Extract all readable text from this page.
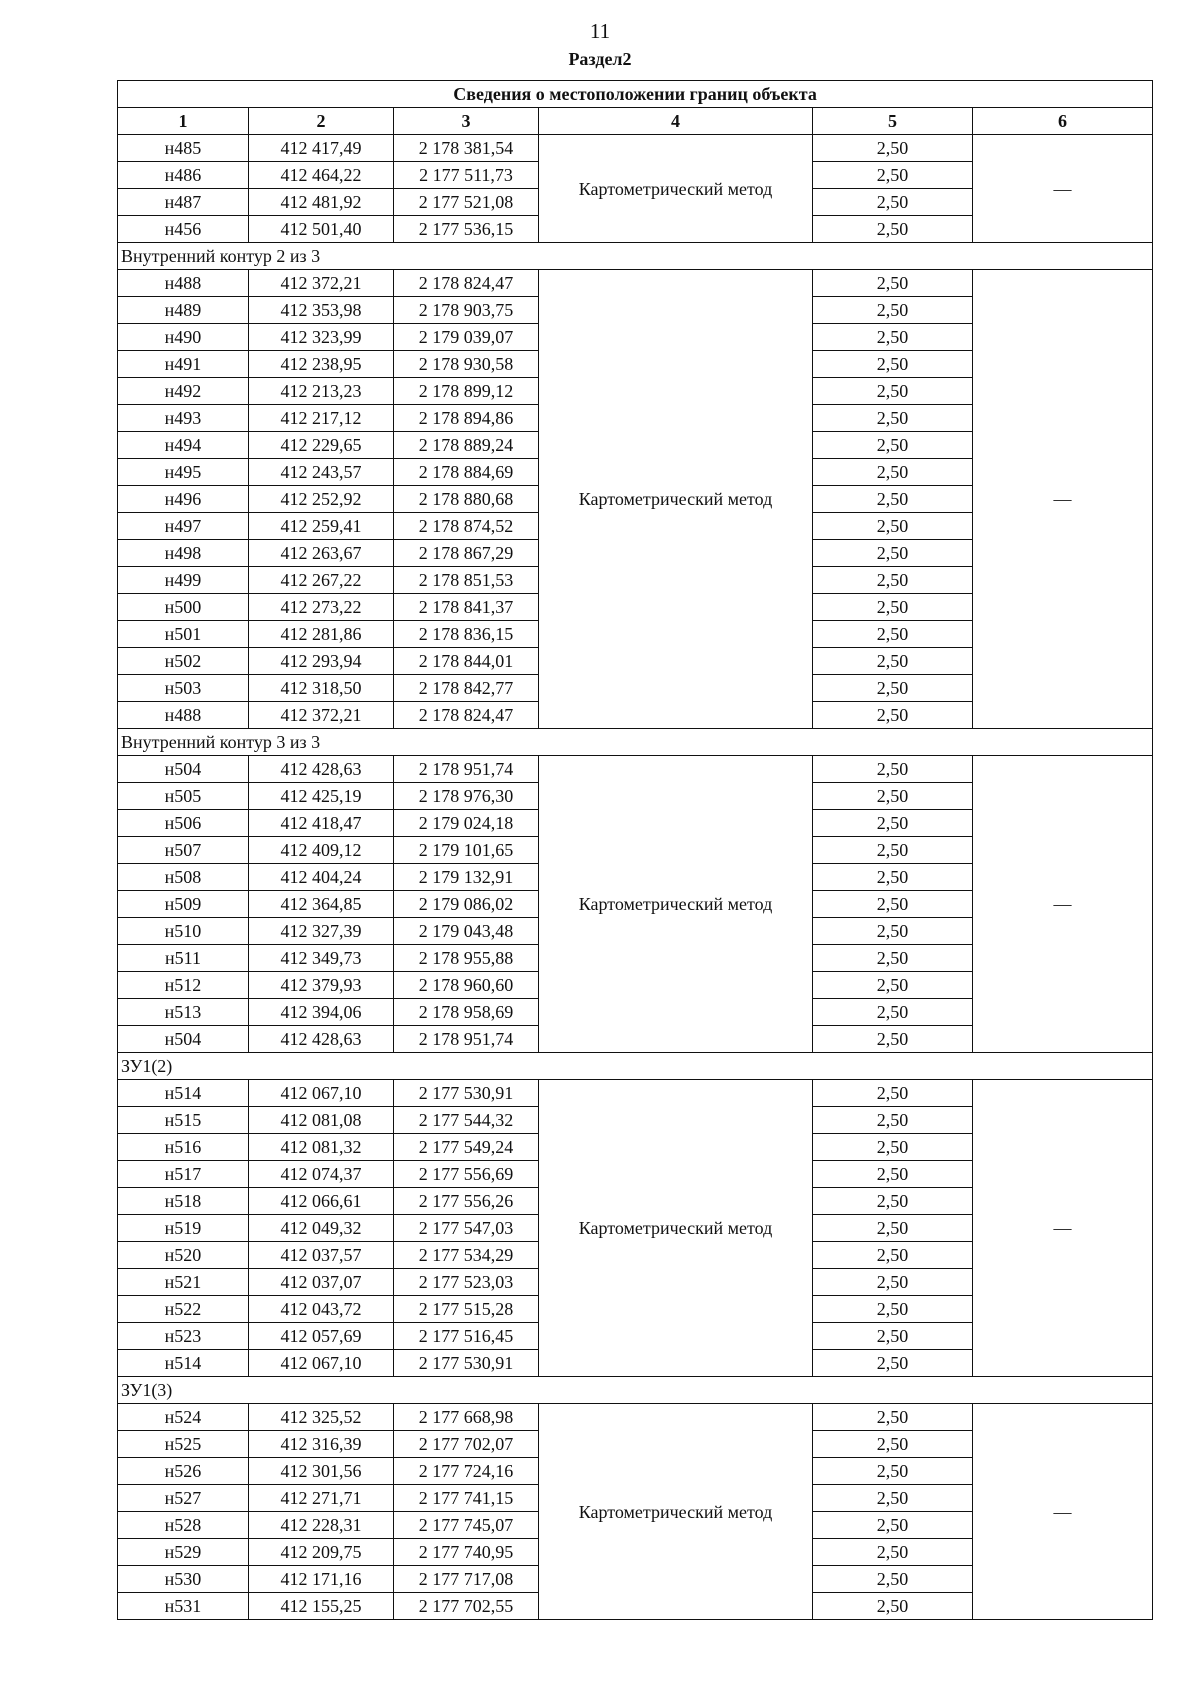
11
Раздел2
Сведения о местоположении границ объекта					
1	2	3	4	5	6
н485	412 417,49	2 178 381,54	Картометрический метод	2,50	—
н486	412 464,22	2 177 511,73		2,50	
н487	412 481,92	2 177 521,08		2,50	
н456	412 501,40	2 177 536,15		2,50	
Внутренний контур 2 из 3					
н488	412 372,21	2 178 824,47	Картометрический метод	2,50	—
н489	412 353,98	2 178 903,75		2,50	
н490	412 323,99	2 179 039,07		2,50	
н491	412 238,95	2 178 930,58		2,50	
н492	412 213,23	2 178 899,12		2,50	
н493	412 217,12	2 178 894,86		2,50	
н494	412 229,65	2 178 889,24		2,50	
н495	412 243,57	2 178 884,69		2,50	
н496	412 252,92	2 178 880,68		2,50	
н497	412 259,41	2 178 874,52		2,50	
н498	412 263,67	2 178 867,29		2,50	
н499	412 267,22	2 178 851,53		2,50	
н500	412 273,22	2 178 841,37		2,50	
н501	412 281,86	2 178 836,15		2,50	
н502	412 293,94	2 178 844,01		2,50	
н503	412 318,50	2 178 842,77		2,50	
н488	412 372,21	2 178 824,47		2,50	
Внутренний контур 3 из 3					
н504	412 428,63	2 178 951,74	Картометрический метод	2,50	—
н505	412 425,19	2 178 976,30		2,50	
н506	412 418,47	2 179 024,18		2,50	
н507	412 409,12	2 179 101,65		2,50	
н508	412 404,24	2 179 132,91		2,50	
н509	412 364,85	2 179 086,02		2,50	
н510	412 327,39	2 179 043,48		2,50	
н511	412 349,73	2 178 955,88		2,50	
н512	412 379,93	2 178 960,60		2,50	
н513	412 394,06	2 178 958,69		2,50	
н504	412 428,63	2 178 951,74		2,50	
ЗУ1(2)					
н514	412 067,10	2 177 530,91	Картометрический метод	2,50	—
н515	412 081,08	2 177 544,32		2,50	
н516	412 081,32	2 177 549,24		2,50	
н517	412 074,37	2 177 556,69		2,50	
н518	412 066,61	2 177 556,26		2,50	
н519	412 049,32	2 177 547,03		2,50	
н520	412 037,57	2 177 534,29		2,50	
н521	412 037,07	2 177 523,03		2,50	
н522	412 043,72	2 177 515,28		2,50	
н523	412 057,69	2 177 516,45		2,50	
н514	412 067,10	2 177 530,91		2,50	
ЗУ1(3)					
н524	412 325,52	2 177 668,98	Картометрический метод	2,50	—
н525	412 316,39	2 177 702,07		2,50	
н526	412 301,56	2 177 724,16		2,50	
н527	412 271,71	2 177 741,15		2,50	
н528	412 228,31	2 177 745,07		2,50	
н529	412 209,75	2 177 740,95		2,50	
н530	412 171,16	2 177 717,08		2,50	
н531	412 155,25	2 177 702,55		2,50	
